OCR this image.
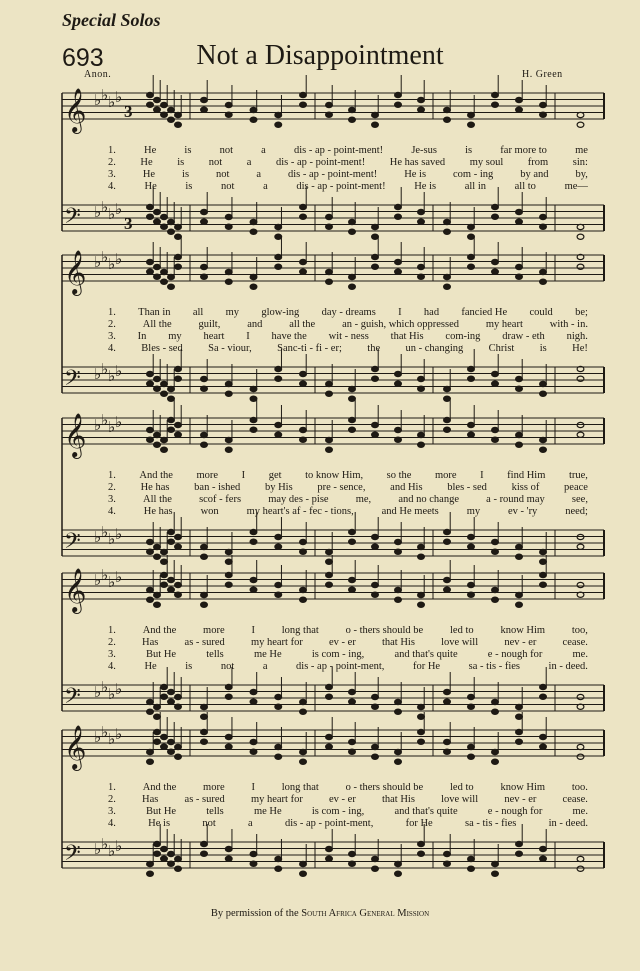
Special Solos
693	Not a Disappointment
Anon.	H. Green
𝄞 ♭ ♭ ♭ ♭
3
𝄢 ♭ ♭ ♭ ♭
3
1.	He	is	not	a	dis - ap - point-ment!	Je-sus	is	far more to	me
2. He is not a dis - ap - point-ment! He has saved my soul from sin:
3.	He	is	not	a	dis - ap - point-ment!	He is	com - ing	by and	by,
4.	He	is	not	a	dis - ap - point-ment!	He is	all in	all to	me—
𝄞 ♭ ♭ ♭ ♭
𝄢 ♭ ♭ ♭ ♭
1. Than in all my glow-ing day - dreams I had fancied He could be;
2.	All the	guilt,	and	all the	an - guish, which oppressed	my heart	with - in.
3. In my heart I have the wit - ness that His com-ing draw - eth nigh.
4. Bles - sed Sa - viour, Sanc-ti - fi - er; the un - changing Christ is He!
𝄞 ♭ ♭ ♭ ♭
𝄢 ♭ ♭ ♭ ♭
1. And the more I get to know Him, so the more I find Him true,
2. He has ban - ished by His pre - sence, and His bles - sed kiss of peace
3.	All the	scof - fers	may des - pise	me,	and no change	a - round may	see,
4.	He has	won	my heart's af - fec - tions,	and He meets	my	ev - 'ry	need;
𝄞 ♭ ♭ ♭ ♭
𝄢 ♭ ♭ ♭ ♭
1.	And the	more	I	long that	o - thers should be	led to	know Him	too,
2. Has as - sured my heart for ev - er that His love will nev - er cease.
3.	But He	tells	me He	is com - ing,	and that's quite	e - nough for	me.
4.	He	is	not	a	dis - ap - point-ment,	for He	sa - tis - fies	in - deed.
𝄞 ♭ ♭ ♭ ♭
𝄢 ♭ ♭ ♭ ♭
1.	And the	more	I	long that	o - thers should be	led to	know Him	too.
2. Has as - sured my heart for ev - er that His love will nev - er cease.
3.	But He	tells	me He	is com - ing,	and that's quite	e - nough for	me.
4.	He is	not	a	dis - ap - point-ment,	for He	sa - tis - fies	in - deed.
By permission of the South Africa General Mission
